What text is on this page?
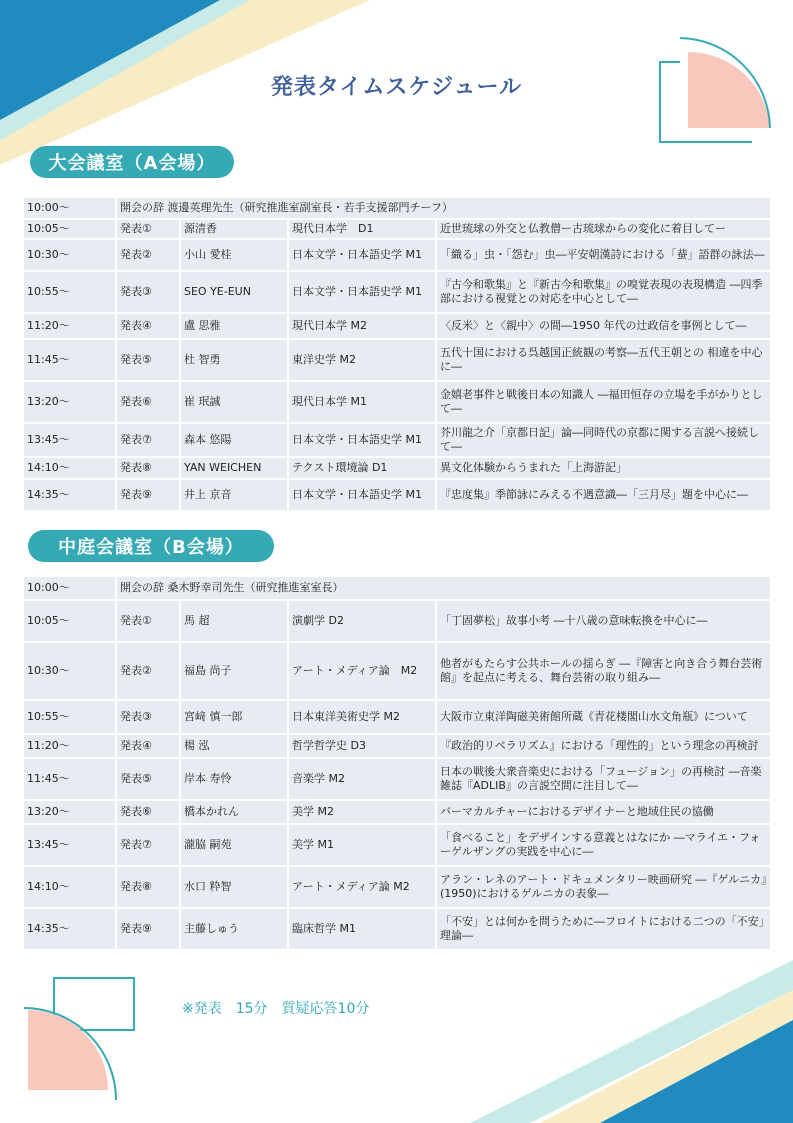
発表タイムスケジュール
大会議室（A会場）
10:00～	開会の辞 渡邊英理先生（研究推進室副室長・若手支援部門チーフ）			
10:05～	発表①	源清香	現代日本学　D1	近世琉球の外交と仏教僧ー古琉球からの変化に着目してー
10:30～	発表②	小山 愛桂	日本文学・日本語史学 M1	「織る」虫・「怨む」虫―平安朝漢詩における「蛬」語群の詠法―
10:55～	発表③	SEO YE-EUN	日本文学・日本語史学 M1	『古今和歌集』と『新古今和歌集』の嗅覚表現の表現構造 ―四季部における視覚との対応を中心として―
11:20～	発表④	盧 思雅	現代日本学 M2	〈反米〉と〈親中〉の間―1950 年代の辻政信を事例として―
11:45～	発表⑤	杜 智勇	東洋史学 M2	五代十国における呉越国正統観の考察―五代王朝との 相違を中心に―
13:20～	発表⑥	崔 珉誠	現代日本学 M1	金嬉老事件と戦後日本の知識人 ―福田恒存の立場を手がかりとして―
13:45～	発表⑦	森本 悠陽	日本文学・日本語史学 M1	芥川龍之介「京都日記」論―同時代の京都に関する言説へ接続して―
14:10～	発表⑧	YAN WEICHEN	テクスト環境論 D1	異文化体験からうまれた「上海游記」
14:35～	発表⑨	井上 京音	日本文学・日本語史学 M1	『忠度集』季節詠にみえる不遇意識―「三月尽」題を中心に―
中庭会議室（B会場）
10:00～	開会の辞 桑木野幸司先生（研究推進室室長）			
10:05～	発表①	馬 超	演劇学 D2	「丁固夢松」故事小考 ―十八歳の意味転換を中心に―
10:30～	発表②	福島 尚子	アート・メディア論　M2	他者がもたらす公共ホールの揺らぎ ―『障害と向き合う舞台芸術館』を起点に考える、舞台芸術の取り組み―
10:55～	発表③	宮﨑 慎一郎	日本東洋美術史学 M2	大阪市立東洋陶磁美術館所蔵《青花楼閣山水文角瓶》について
11:20～	発表④	楊 泓	哲学哲学史 D3	『政治的リベラリズム』における「理性的」という理念の再検討
11:45～	発表⑤	岸本 寿怜	音楽学 M2	日本の戦後大衆音楽史における「フュージョン」の再検討 ―音楽雑誌『ADLIB』の言説空間に注目して―
13:20～	発表⑥	橋本かれん	美学 M2	バーマカルチャーにおけるデザイナーと地域住民の協働
13:45～	発表⑦	瀧脇 嗣苑	美学 M1	「食べること」をデザインする意義とはなにか ―マライエ・フォーゲルザングの実践を中心に―
14:10～	発表⑧	水口 粋智	アート・メディア論 M2	アラン・レネのアート・ドキュメンタリー映画研究 ―『ゲルニカ』(1950)におけるゲルニカの表象―
14:35～	発表⑨	主藤しゅう	臨床哲学 M1	「不安」とは何かを問うために―フロイトにおける二つの「不安」理論―
※発表　15分　質疑応答10分
